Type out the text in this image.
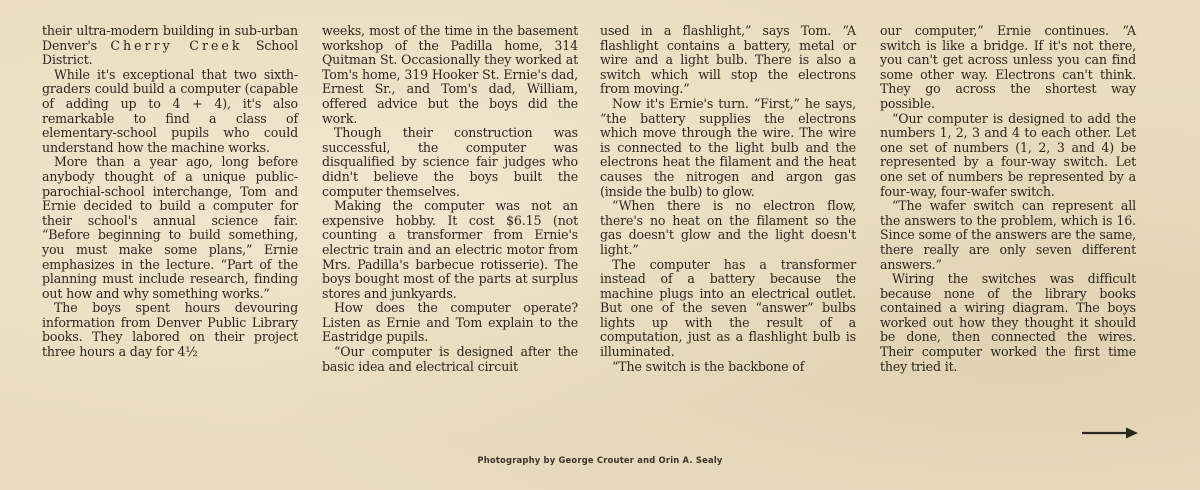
their ultra-modern building in sub-urban Denver's Cherry Creek School District.

While it's exceptional that two sixth-graders could build a computer (capable of adding up to 4 + 4), it's also remarkable to find a class of elementary-school pupils who could understand how the machine works.

More than a year ago, long before anybody thought of a unique public-parochial-school interchange, Tom and Ernie decided to build a computer for their school's annual science fair. “Before beginning to build something, you must make some plans,” Ernie emphasizes in the lecture. “Part of the planning must include research, finding out how and why something works.”

The boys spent hours devouring information from Denver Public Library books. They labored on their project three hours a day for 4½

weeks, most of the time in the basement workshop of the Padilla home, 314 Quitman St. Occasionally they worked at Tom's home, 319 Hooker St. Ernie's dad, Ernest Sr., and Tom's dad, William, offered advice but the boys did the work.

Though their construction was successful, the computer was disqualified by science fair judges who didn't believe the boys built the computer themselves.

Making the computer was not an expensive hobby. It cost $6.15 (not counting a transformer from Ernie's electric train and an electric motor from Mrs. Padilla's barbecue rotisserie). The boys bought most of the parts at surplus stores and junkyards.

How does the computer operate? Listen as Ernie and Tom explain to the Eastridge pupils.

“Our computer is designed after the basic idea and electrical circuit

used in a flashlight,” says Tom. “A flashlight contains a battery, metal or wire and a light bulb. There is also a switch which will stop the electrons from moving.”

Now it's Ernie's turn. “First,” he says, “the battery supplies the electrons which move through the wire. The wire is connected to the light bulb and the electrons heat the filament and the heat causes the nitrogen and argon gas (inside the bulb) to glow.

“When there is no electron flow, there's no heat on the filament so the gas doesn't glow and the light doesn't light.”

The computer has a transformer instead of a battery because the machine plugs into an electrical outlet. But one of the seven “answer” bulbs lights up with the result of a computation, just as a flashlight bulb is illuminated.

“The switch is the backbone of

our computer,” Ernie continues. “A switch is like a bridge. If it's not there, you can't get across unless you can find some other way. Electrons can't think. They go across the shortest way possible.

“Our computer is designed to add the numbers 1, 2, 3 and 4 to each other. Let one set of numbers (1, 2, 3 and 4) be represented by a four-way switch. Let one set of numbers be represented by a four-way, four-wafer switch.

“The wafer switch can represent all the answers to the problem, which is 16. Since some of the answers are the same, there really are only seven different answers.”

Wiring the switches was difficult because none of the library books contained a wiring diagram. The boys worked out how they thought it should be done, then connected the wires. Their computer worked the first time they tried it.

Photography by George Crouter and Orin A. Sealy
